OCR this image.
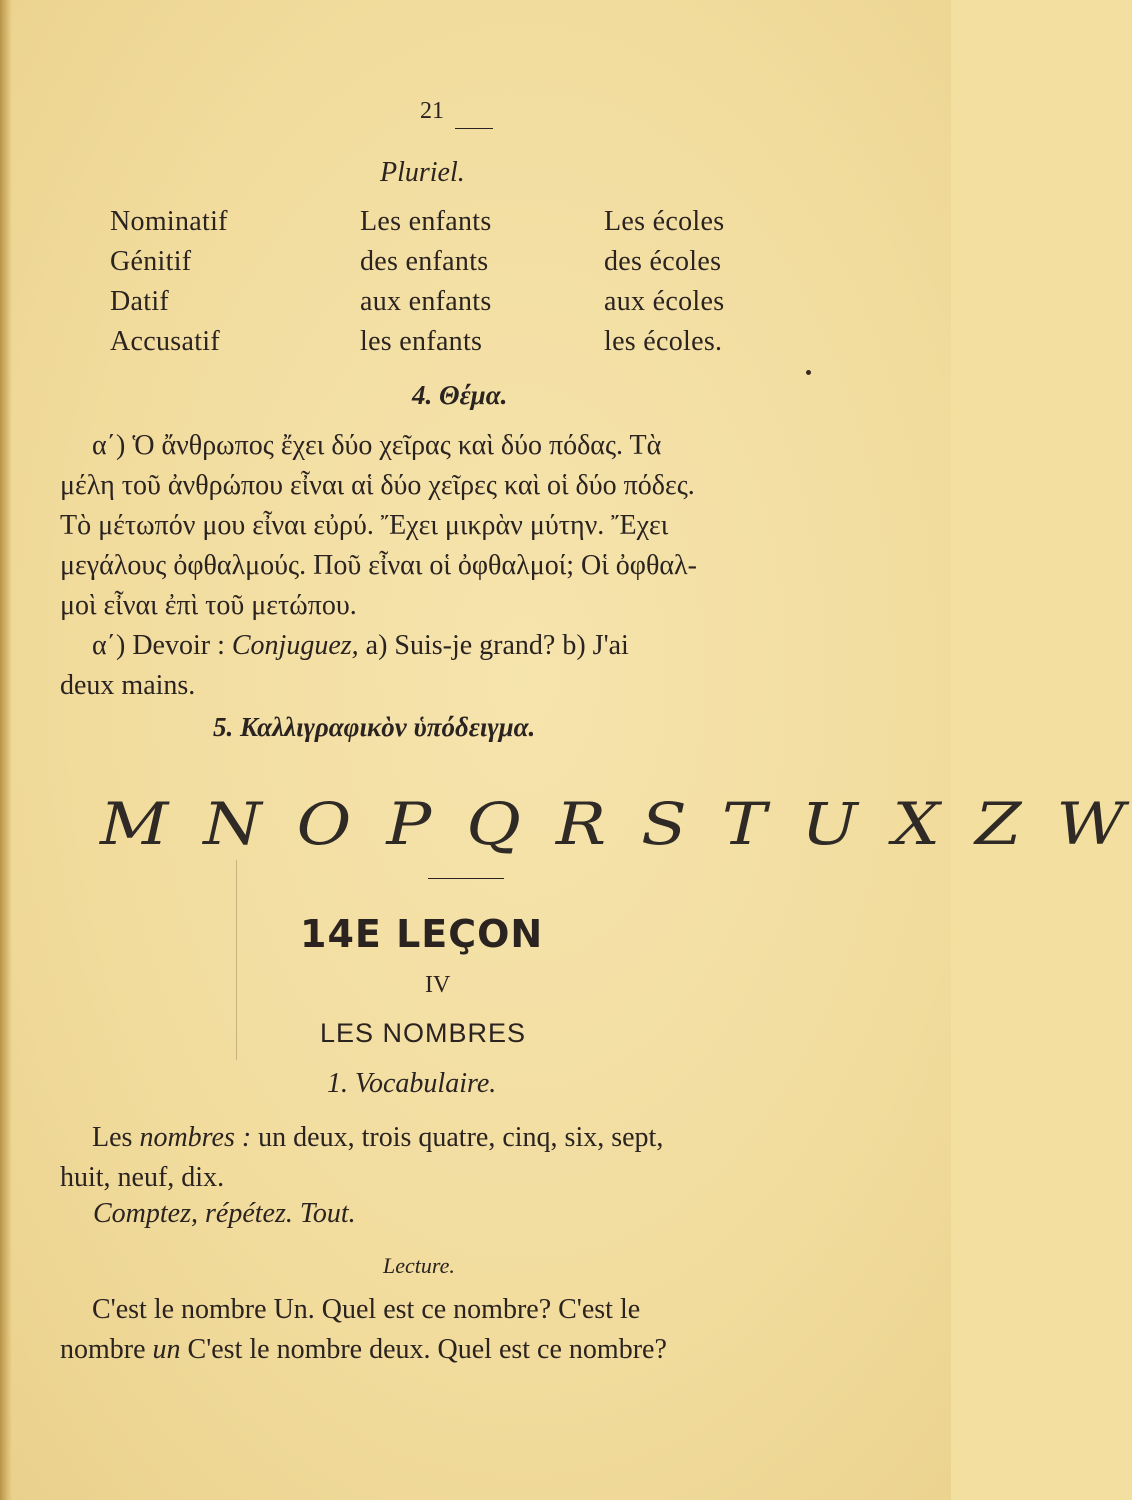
21
Pluriel.
Nominatif
Génitif
Datif
Accusatif
Les enfants
des enfants
aux enfants
les enfants
Les écoles
des écoles
aux écoles
les écoles.
4. Θέμα.
α΄) Ὁ ἄνθρωπος ἔχει δύο χεῖρας καὶ δύο πόδας. Τὰ
μέλη τοῦ ἀνθρώπου εἶναι αἱ δύο χεῖρες καὶ οἱ δύο πόδες.
Τὸ μέτωπόν μου εἶναι εὐρύ. Ἔχει μικρὰν μύτην. Ἔχει
μεγάλους ὀφθαλμούς. Ποῦ εἶναι οἱ ὀφθαλμοί; Οἱ ὀφθαλ-
μοὶ εἶναι ἐπὶ τοῦ μετώπου.
α΄) Devoir : Conjuguez, a) Suis-je grand? b) J'ai
deux mains.
5. Καλλιγραφικὸν ὑπόδειγμα.
M N O P Q R S T U X Z W
14E LEÇON
IV
LES NOMBRES
1. Vocabulaire.
Les nombres : un deux, trois quatre, cinq, six, sept,
huit, neuf, dix.
Comptez, répétez. Tout.
Lecture.
C'est le nombre Un. Quel est ce nombre? C'est le
nombre un C'est le nombre deux. Quel est ce nombre?
